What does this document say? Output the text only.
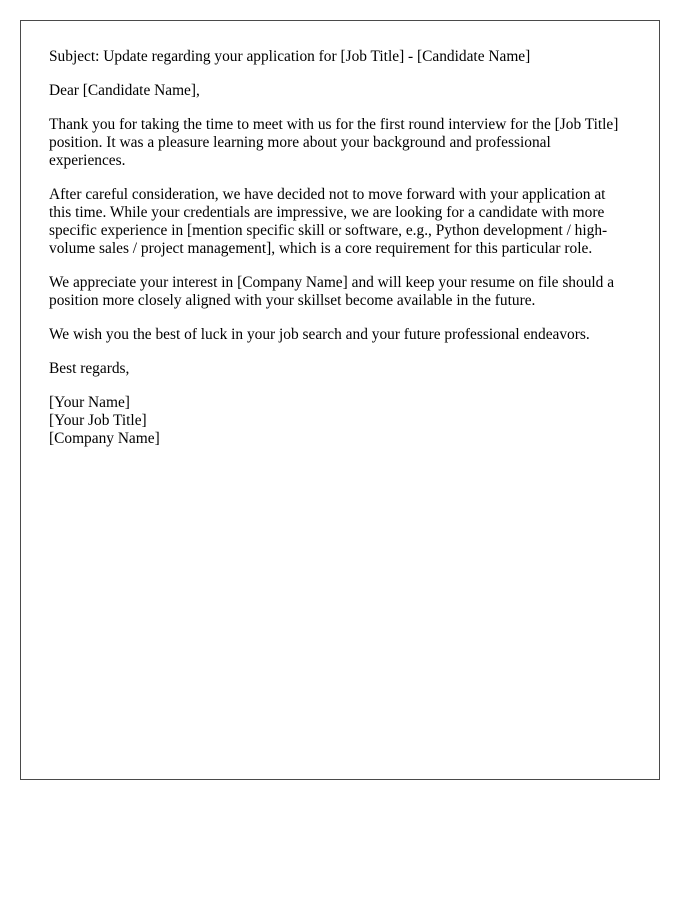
Subject: Update regarding your application for [Job Title] - [Candidate Name]

Dear [Candidate Name],

Thank you for taking the time to meet with us for the first round interview for the [Job Title] position. It was a pleasure learning more about your background and professional experiences.

After careful consideration, we have decided not to move forward with your application at this time. While your credentials are impressive, we are looking for a candidate with more specific experience in [mention specific skill or software, e.g., Python development / high-volume sales / project management], which is a core requirement for this particular role.

We appreciate your interest in [Company Name] and will keep your resume on file should a position more closely aligned with your skillset become available in the future.

We wish you the best of luck in your job search and your future professional endeavors.

Best regards,

[Your Name]
[Your Job Title]
[Company Name]
